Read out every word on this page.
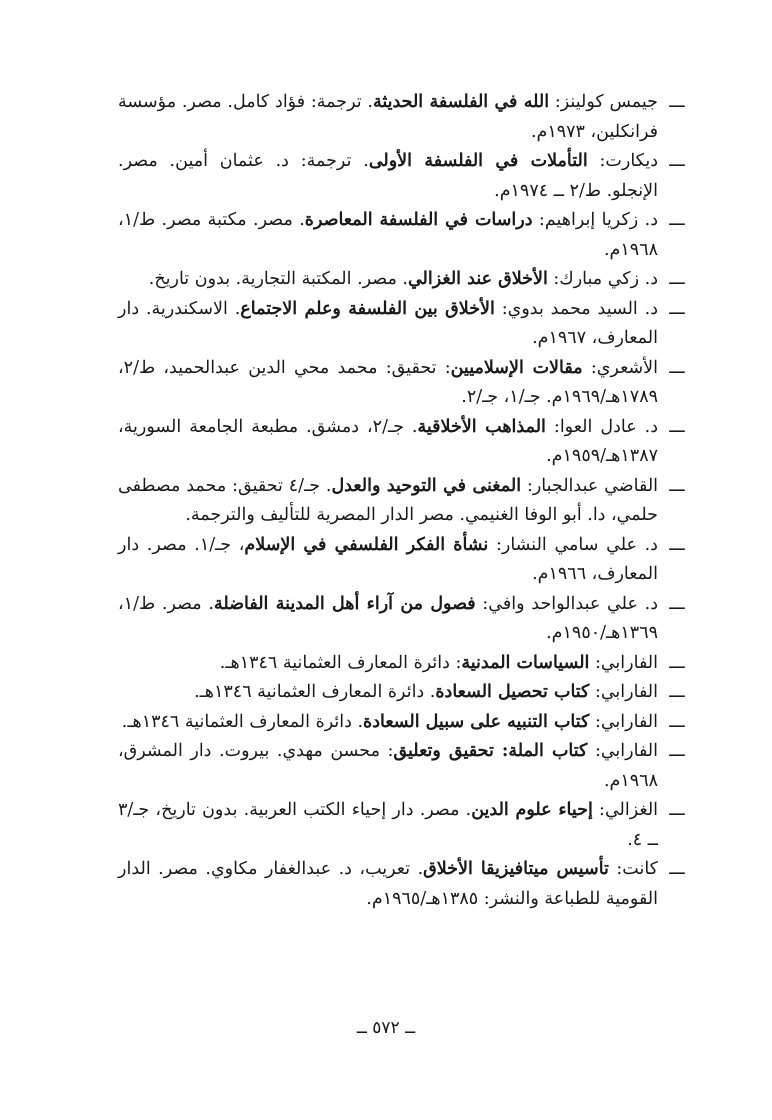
ـــ
جيمس كولينز: الله في الفلسفة الحديثة. ترجمة: فؤاد كامل. مصر. مؤسسة فرانكلين، ١٩٧٣م.

ـــ
ديكارت: التأملات في الفلسفة الأولى. ترجمة: د. عثمان أمين. مصر. الإنجلو. ط/٢ ــ ١٩٧٤م.

ـــ
د. زكريا إبراهيم: دراسات في الفلسفة المعاصرة. مصر. مكتبة مصر. ط/١، ١٩٦٨م.

ـــ
د. زكي مبارك: الأخلاق عند الغزالي. مصر. المكتبة التجارية. بدون تاريخ.

ـــ
د. السيد محمد بدوي: الأخلاق بين الفلسفة وعلم الاجتماع. الاسكندرية. دار المعارف، ١٩٦٧م.

ـــ
الأشعري: مقالات الإسلاميين: تحقيق: محمد محي الدين عبدالحميد، ط/٢، ١٧٨٩هـ/١٩٦٩م. جـ/١، جـ/٢.

ـــ
د. عادل العوا: المذاهب الأخلاقية. جـ/٢، دمشق. مطبعة الجامعة السورية، ١٣٨٧هـ/١٩٥٩م.

ـــ
القاضي عبدالجبار: المغنى في التوحيد والعدل. جـ/٤ تحقيق: محمد مصطفى حلمي، دا. أبو الوفا الغنيمي. مصر الدار المصرية للتأليف والترجمة.

ـــ
د. علي سامي النشار: نشأة الفكر الفلسفي في الإسلام، جـ/١. مصر. دار المعارف، ١٩٦٦م.

ـــ
د. علي عبدالواحد وافي: فصول من آراء أهل المدينة الفاضلة. مصر. ط/١، ١٣٦٩هـ/١٩٥٠م.

ـــ
الفارابي: السياسات المدنية: دائرة المعارف العثمانية ١٣٤٦هـ.

ـــ
الفارابي: كتاب تحصيل السعادة. دائرة المعارف العثمانية ١٣٤٦هـ.

ـــ
الفارابي: كتاب التنبيه على سبيل السعادة. دائرة المعارف العثمانية ١٣٤٦هـ.

ـــ
الفارابي: كتاب الملة: تحقيق وتعليق: محسن مهدي. بيروت. دار المشرق، ١٩٦٨م.

ـــ
الغزالي: إحياء علوم الدين. مصر. دار إحياء الكتب العربية. بدون تاريخ، جـ/٣ ــ ٤.

ـــ
كانت: تأسيس ميتافيزيقا الأخلاق. تعريب، د. عبدالغفار مكاوي. مصر. الدار القومية للطباعة والنشر: ١٣٨٥هـ/١٩٦٥م.

ــ ٥٧٢ ــ
